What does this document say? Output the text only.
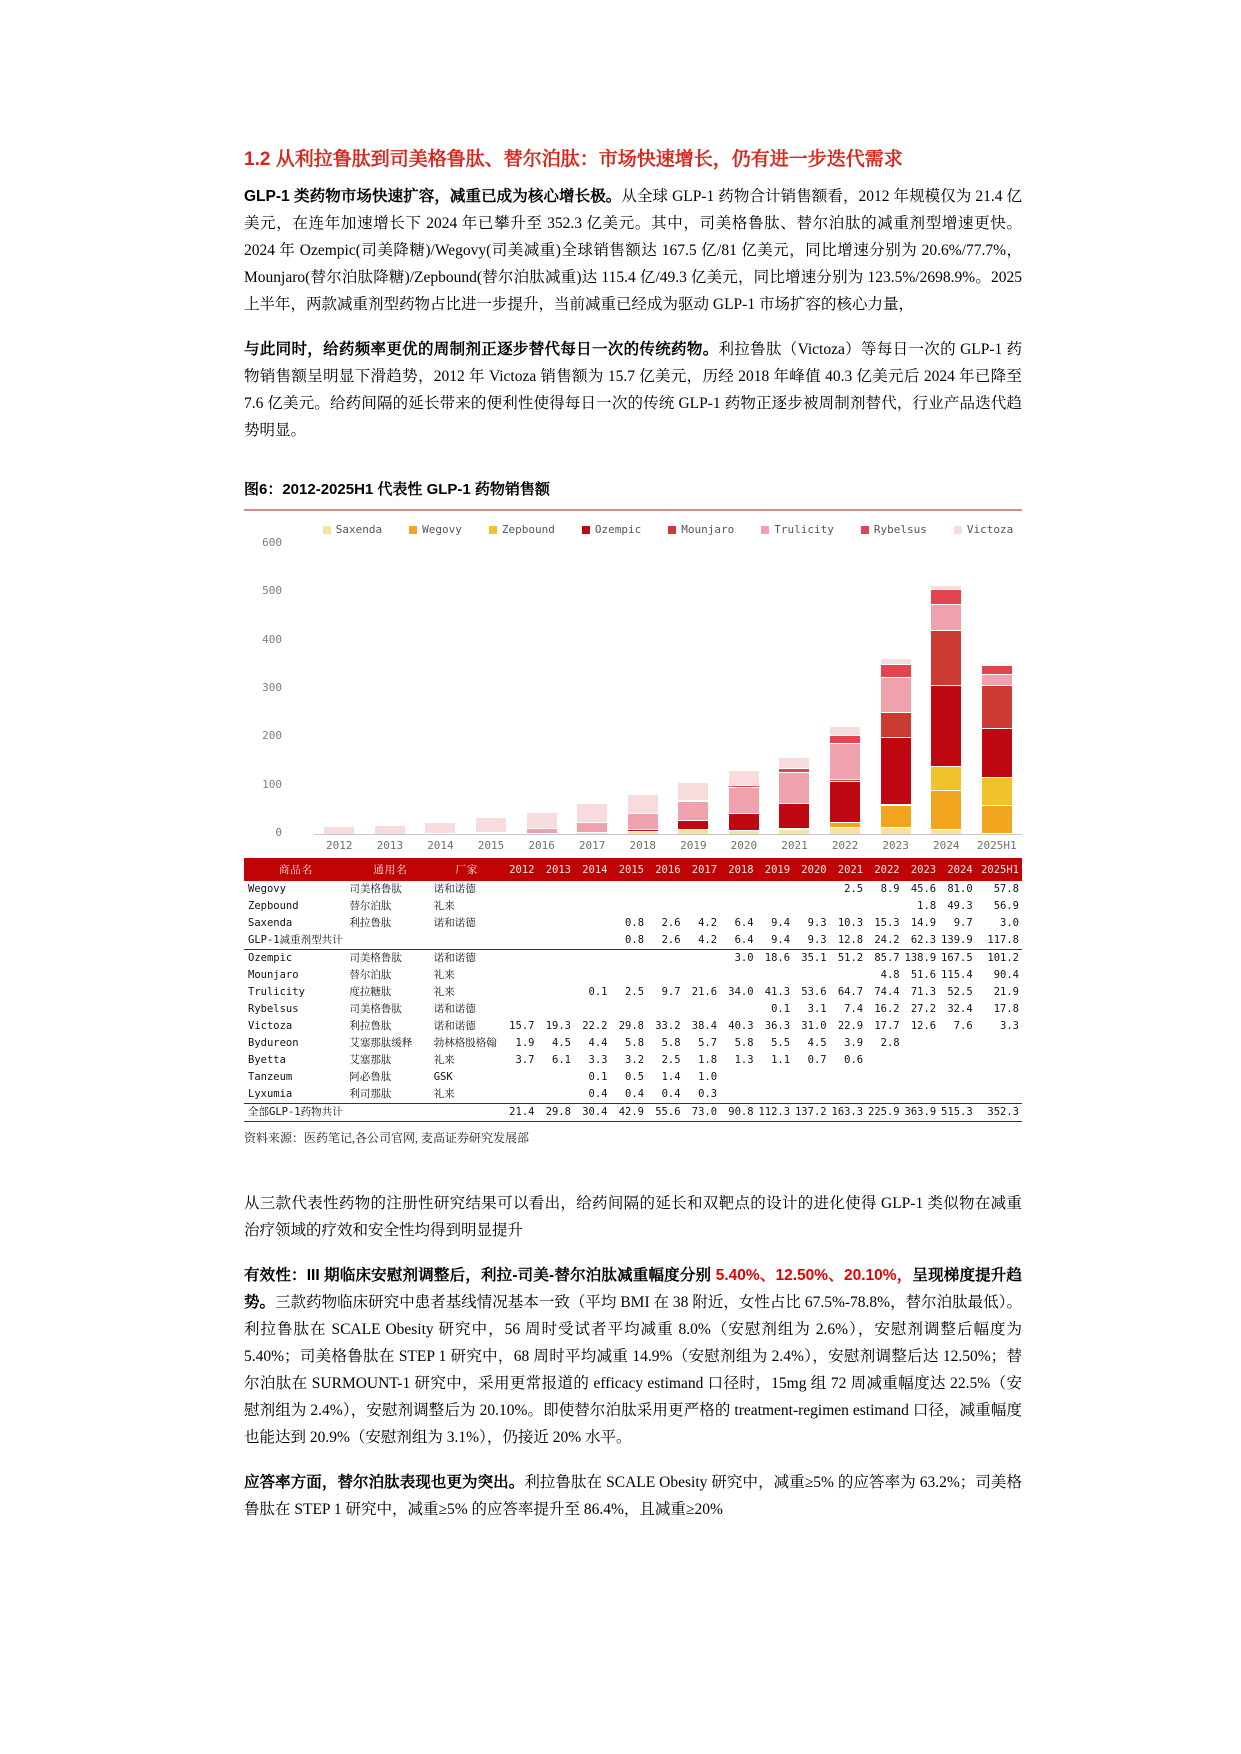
1.2 从利拉鲁肽到司美格鲁肽、替尔泊肽：市场快速增长，仍有进一步迭代需求

GLP-1 类药物市场快速扩容，减重已成为核心增长极。从全球 GLP-1 药物合计销售额看，2012 年规模仅为 21.4 亿美元，在连年加速增长下 2024 年已攀升至 352.3 亿美元。其中，司美格鲁肽、替尔泊肽的减重剂型增速更快。2024 年 Ozempic(司美降糖)/Wegovy(司美减重)全球销售额达 167.5 亿/81 亿美元，同比增速分别为 20.6%/77.7%，Mounjaro(替尔泊肽降糖)/Zepbound(替尔泊肽减重)达 115.4 亿/49.3 亿美元，同比增速分别为 123.5%/2698.9%。2025 上半年，两款减重剂型药物占比进一步提升，当前减重已经成为驱动 GLP-1 市场扩容的核心力量，

与此同时，给药频率更优的周制剂正逐步替代每日一次的传统药物。利拉鲁肽（Victoza）等每日一次的 GLP-1 药物销售额呈明显下滑趋势，2012 年 Victoza 销售额为 15.7 亿美元，历经 2018 年峰值 40.3 亿美元后 2024 年已降至 7.6 亿美元。给药间隔的延长带来的便利性使得每日一次的传统 GLP-1 药物正逐步被周制剂替代，行业产品迭代趋势明显。

图6：2012-2025H1 代表性 GLP-1 药物销售额
Saxenda	Wegovy	Zepbound	Ozempic	Mounjaro	Trulicity	Rybelsus	Victoza
0
100
200
300
400
500
600
2012	2013	2014	2015	2016	2017	2018	2019	2020	2021	2022	2023	2024	2025H1
商品名	通用名	厂家	2012	2013	2014	2015	2016	2017	2018	2019	2020	2021	2022	2023	2024	2025H1
Wegovy	司美格鲁肽	诺和诺德										2.5	8.9	45.6	81.0	57.8
Zepbound	替尔泊肽	礼来												1.8	49.3	56.9
Saxenda	利拉鲁肽	诺和诺德				0.8	2.6	4.2	6.4	9.4	9.3	10.3	15.3	14.9	9.7	3.0
GLP-1减重剂型共计						0.8	2.6	4.2	6.4	9.4	9.3	12.8	24.2	62.3	139.9	117.8
Ozempic	司美格鲁肽	诺和诺德							3.0	18.6	35.1	51.2	85.7	138.9	167.5	101.2
Mounjaro	替尔泊肽	礼来											4.8	51.6	115.4	90.4
Trulicity	度拉糖肽	礼来			0.1	2.5	9.7	21.6	34.0	41.3	53.6	64.7	74.4	71.3	52.5	21.9
Rybelsus	司美格鲁肽	诺和诺德								0.1	3.1	7.4	16.2	27.2	32.4	17.8
Victoza	利拉鲁肽	诺和诺德	15.7	19.3	22.2	29.8	33.2	38.4	40.3	36.3	31.0	22.9	17.7	12.6	7.6	3.3
Bydureon	艾塞那肽缓释	勃林格殷格翰	1.9	4.5	4.4	5.8	5.8	5.7	5.8	5.5	4.5	3.9	2.8			
Byetta	艾塞那肽	礼来	3.7	6.1	3.3	3.2	2.5	1.8	1.3	1.1	0.7	0.6				
Tanzeum	阿必鲁肽	GSK			0.1	0.5	1.4	1.0								
Lyxumia	利司那肽	礼来			0.4	0.4	0.4	0.3								
全部GLP-1药物共计			21.4	29.8	30.4	42.9	55.6	73.0	90.8	112.3	137.2	163.3	225.9	363.9	515.3	352.3
资料来源：医药笔记,各公司官网, 麦高证券研究发展部

从三款代表性药物的注册性研究结果可以看出，给药间隔的延长和双靶点的设计的进化使得 GLP-1 类似物在减重治疗领域的疗效和安全性均得到明显提升

有效性：III 期临床安慰剂调整后，利拉-司美-替尔泊肽减重幅度分别 5.40%、12.50%、20.10%，呈现梯度提升趋势。三款药物临床研究中患者基线情况基本一致（平均 BMI 在 38 附近，女性占比 67.5%-78.8%，替尔泊肽最低）。利拉鲁肽在 SCALE Obesity 研究中，56 周时受试者平均减重 8.0%（安慰剂组为 2.6%），安慰剂调整后幅度为 5.40%；司美格鲁肽在 STEP 1 研究中，68 周时平均减重 14.9%（安慰剂组为 2.4%），安慰剂调整后达 12.50%；替尔泊肽在 SURMOUNT-1 研究中，采用更常报道的 efficacy estimand 口径时，15mg 组 72 周减重幅度达 22.5%（安慰剂组为 2.4%），安慰剂调整后为 20.10%。即使替尔泊肽采用更严格的 treatment-regimen estimand 口径，减重幅度也能达到 20.9%（安慰剂组为 3.1%），仍接近 20% 水平。

应答率方面，替尔泊肽表现也更为突出。利拉鲁肽在 SCALE Obesity 研究中，减重≥5% 的应答率为 63.2%；司美格鲁肽在 STEP 1 研究中，减重≥5% 的应答率提升至 86.4%，且减重≥20%
